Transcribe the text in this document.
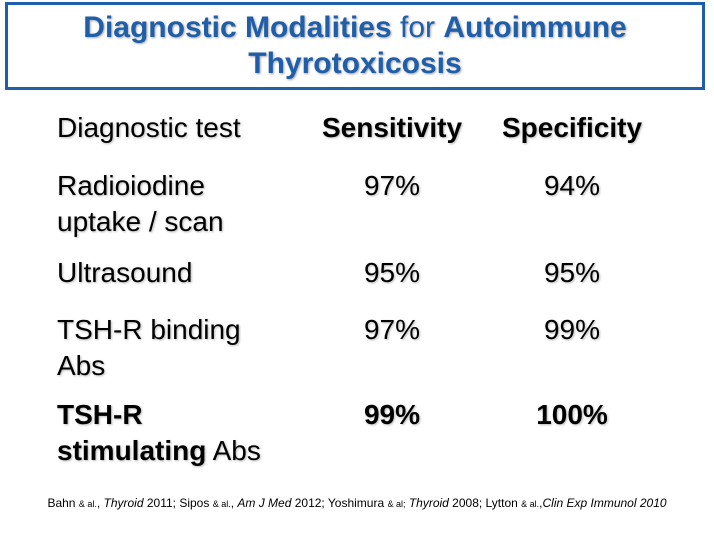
Diagnostic Modalities for Autoimmune
Thyrotoxicosis
Diagnostic test	Sensitivity	Specificity
Radioiodine
uptake / scan
97%	94%
Ultrasound	95%	95%
TSH-R binding
Abs
97%	99%
TSH-R
stimulating Abs
99%	100%
Bahn & al., Thyroid 2011; Sipos & al., Am J Med 2012; Yoshimura & al; Thyroid 2008; Lytton & al.,Clin Exp Immunol 2010
